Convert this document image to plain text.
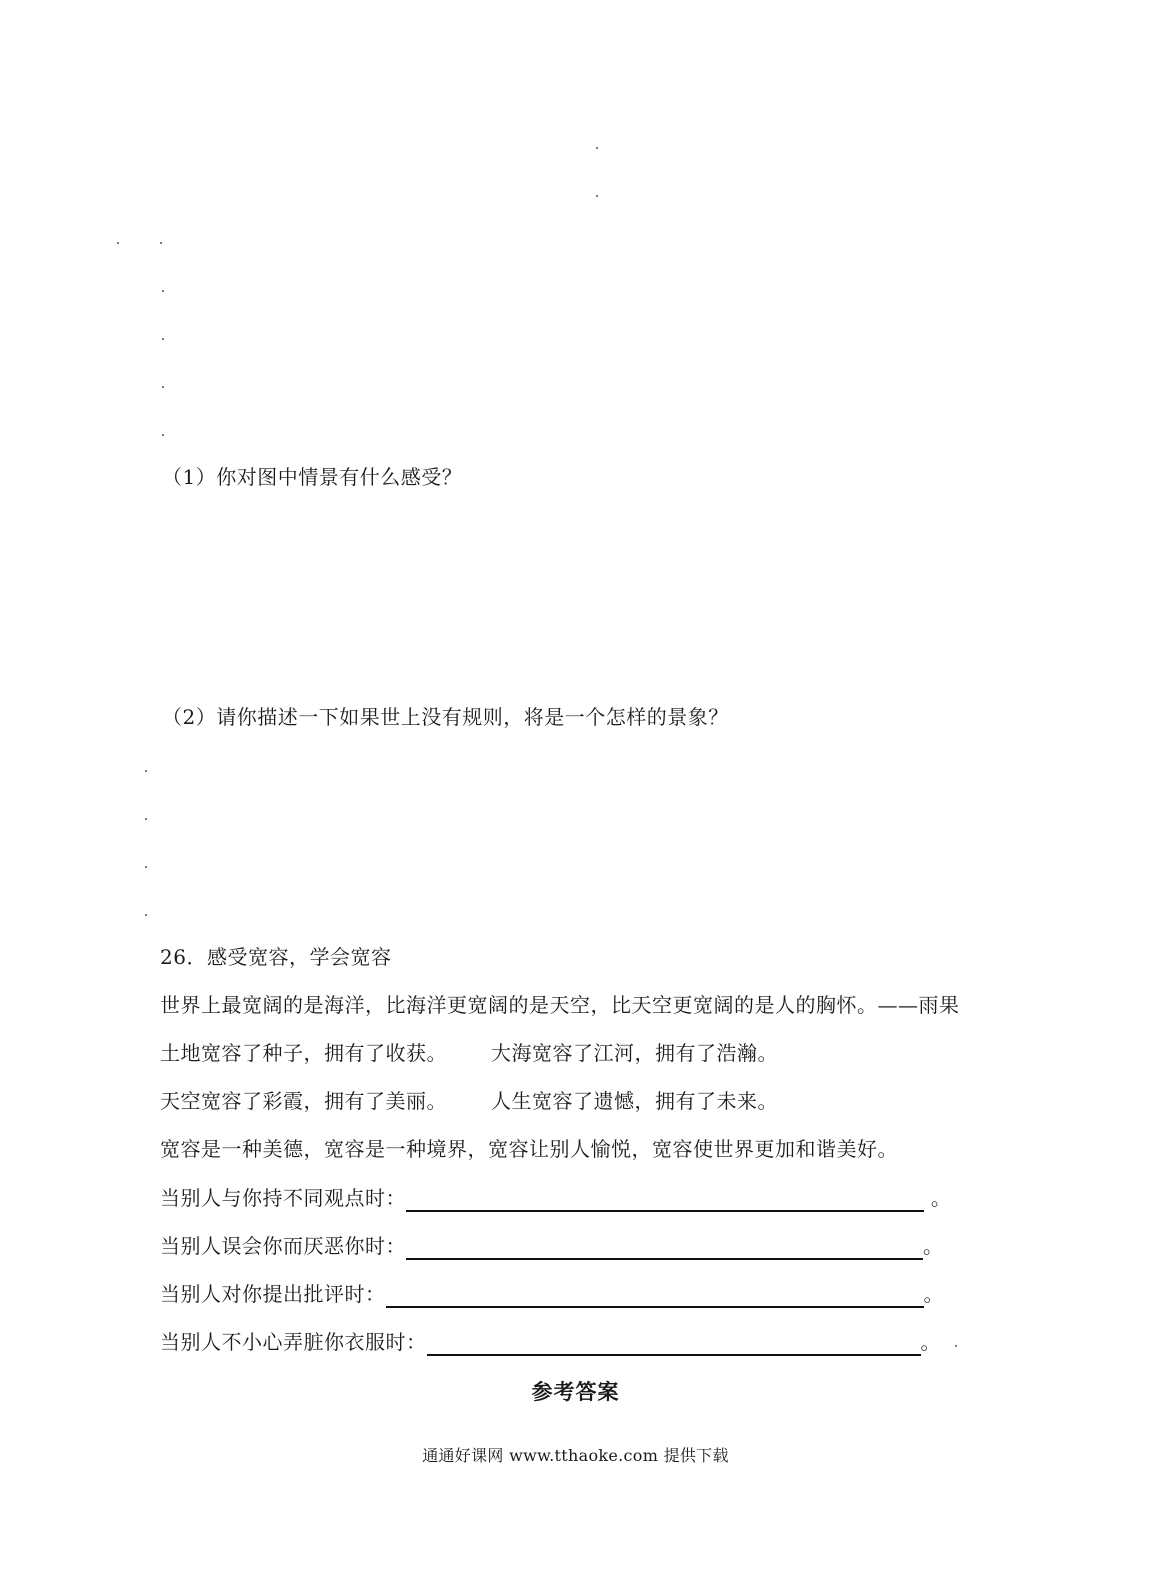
（1）你对图中情景有什么感受？
（2）请你描述一下如果世上没有规则，将是一个怎样的景象？
26．感受宽容，学会宽容
世界上最宽阔的是海洋，比海洋更宽阔的是天空，比天空更宽阔的是人的胸怀。——雨果
土地宽容了种子，拥有了收获。 大海宽容了江河，拥有了浩瀚。
天空宽容了彩霞，拥有了美丽。 人生宽容了遗憾，拥有了未来。
宽容是一种美德，宽容是一种境界，宽容让别人愉悦，宽容使世界更加和谐美好。
当别人与你持不同观点时：	。
当别人误会你而厌恶你时：	。
当别人对你提出批评时：	。
当别人不小心弄脏你衣服时：	。
参考答案
通通好课网 www.tthaoke.com 提供下载
